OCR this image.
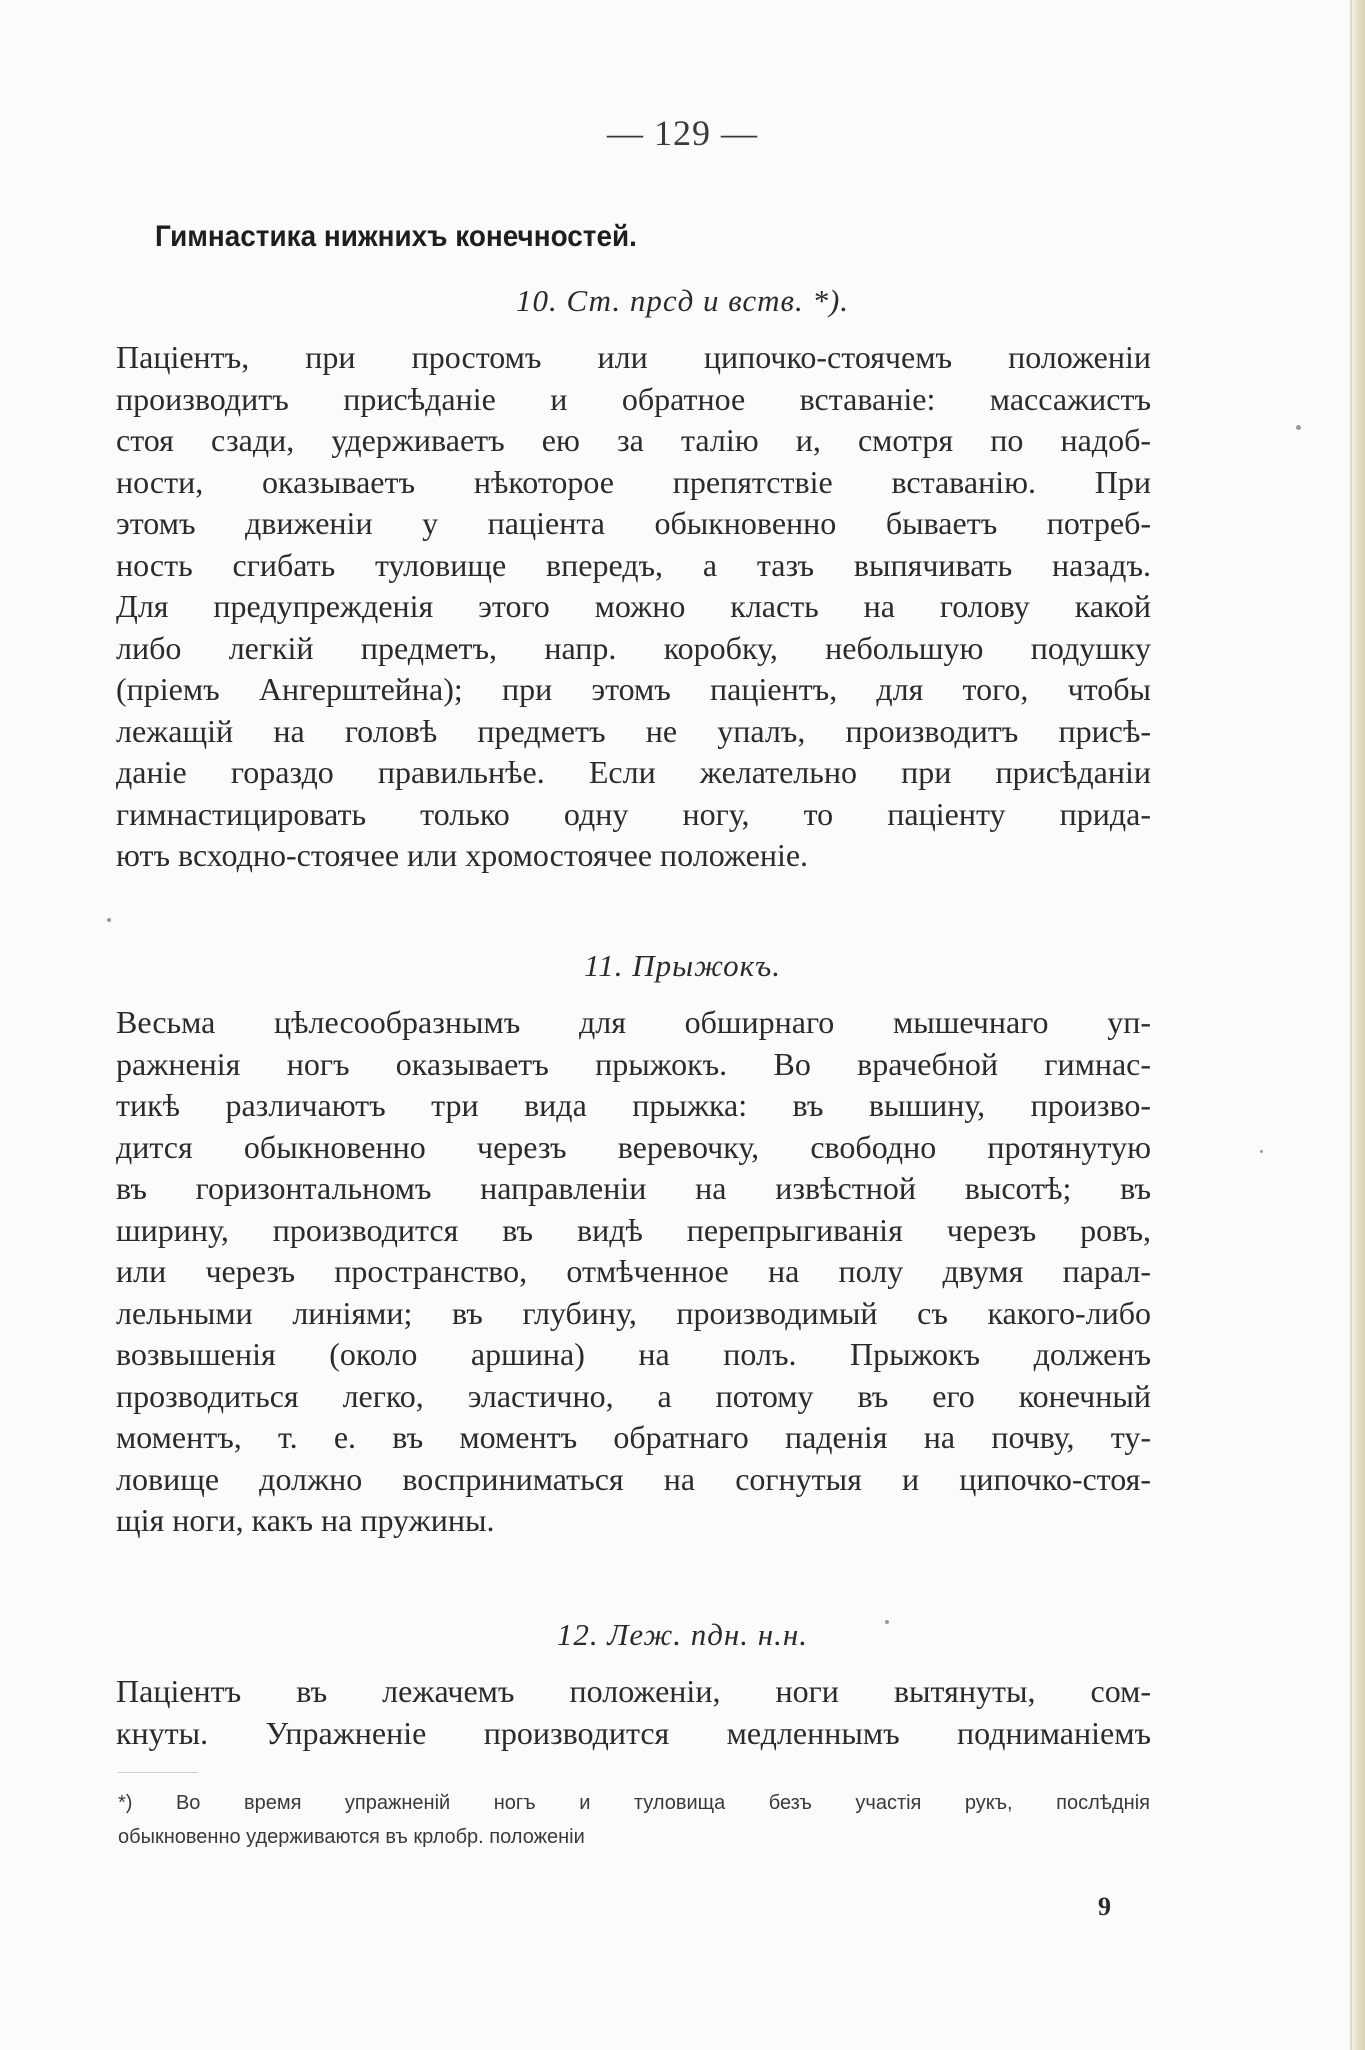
— 129 —
Гимнастика нижнихъ конечностей.
10. Ст. прсд и вств. *).
Паціентъ, при простомъ или ципочко-стоячемъ положеніи
производитъ присѣданіе и обратное вставаніе: массажистъ
стоя сзади, удерживаетъ ею за талію и, смотря по надоб-
ности, оказываетъ нѣкоторое препятствіе вставанію. При
этомъ движеніи у паціента обыкновенно бываетъ потреб-
ность сгибать туловище впередъ, а тазъ выпячивать назадъ.
Для предупрежденія этого можно класть на голову какой
либо легкій предметъ, напр. коробку, небольшую подушку
(пріемъ Ангерштейна); при этомъ паціентъ, для того, чтобы
лежащій на головѣ предметъ не упалъ, производитъ присѣ-
даніе гораздо правильнѣе. Если желательно при присѣданіи
гимнастицировать только одну ногу, то паціенту прида-
ютъ всходно-стоячее или хромостоячее положеніе.
11. Прыжокъ.
Весьма цѣлесообразнымъ для обширнаго мышечнаго уп-
ражненія ногъ оказываетъ прыжокъ. Во врачебной гимнас-
тикѣ различаютъ три вида прыжка: въ вышину, произво-
дится обыкновенно черезъ веревочку, свободно протянутую
въ горизонтальномъ направленіи на извѣстной высотѣ; въ
ширину, производится въ видѣ перепрыгиванія черезъ ровъ,
или черезъ пространство, отмѣченное на полу двумя парал-
лельными линіями; въ глубину, производимый съ какого-либо
возвышенія (около аршина) на полъ. Прыжокъ долженъ
прозводиться легко, эластично, а потому въ его конечный
моментъ, т. е. въ моментъ обратнаго паденія на почву, ту-
ловище должно восприниматься на согнутыя и ципочко-стоя-
щія ноги, какъ на пружины.
12. Леж. пдн. н.н.
Паціентъ въ лежачемъ положеніи, ноги вытянуты, сом-
кнуты. Упражненіе производится медленнымъ подниманіемъ
*) Во время упражненій ногъ и туловища безъ участія рукъ, послѣднія
обыкновенно удерживаются въ крлобр. положеніи
9
